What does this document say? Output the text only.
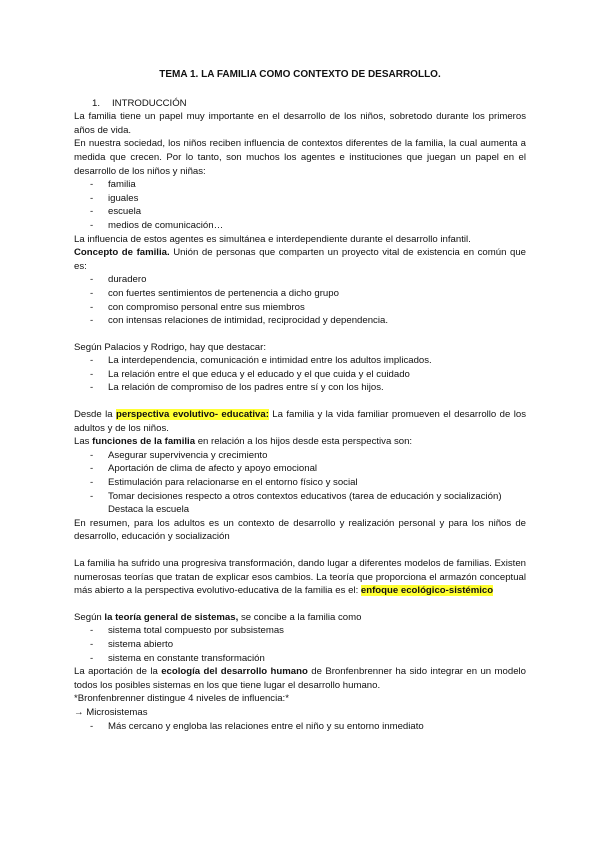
TEMA 1. LA FAMILIA COMO CONTEXTO DE DESARROLLO.
1. INTRODUCCIÓN

La familia tiene un papel muy importante en el desarrollo de los niños, sobretodo durante los primeros años de vida.

En nuestra sociedad, los niños reciben influencia de contextos diferentes de la familia, la cual aumenta a medida que crecen. Por lo tanto, son muchos los agentes e instituciones que juegan un papel en el desarrollo de los niños y niñas:

- familia
- iguales
- escuela
- medios de comunicación…

La influencia de estos agentes es simultánea e interdependiente durante el desarrollo infantil.

Concepto de familia. Unión de personas que comparten un proyecto vital de existencia en común que es:

- duradero
- con fuertes sentimientos de pertenencia a dicho grupo
- con compromiso personal entre sus miembros
- con intensas relaciones de intimidad, reciprocidad y dependencia.

Según Palacios y Rodrigo, hay que destacar:

- La interdependencia, comunicación e intimidad entre los adultos implicados.
- La relación entre el que educa y el educado y el que cuida y el cuidado
- La relación de compromiso de los padres entre sí y con los hijos.

Desde la perspectiva evolutivo- educativa: La familia y la vida familiar promueven el desarrollo de los adultos y de los niños.

Las funciones de la familia en relación a los hijos desde esta perspectiva son:

- Asegurar supervivencia y crecimiento
- Aportación de clima de afecto y apoyo emocional
- Estimulación para relacionarse en el entorno físico y social
- Tomar decisiones respecto a otros contextos educativos (tarea de educación y socialización) Destaca la escuela

En resumen, para los adultos es un contexto de desarrollo y realización personal y para los niños de desarrollo, educación y socialización

La familia ha sufrido una progresiva transformación, dando lugar a diferentes modelos de familias. Existen numerosas teorías que tratan de explicar esos cambios. La teoría que proporciona el armazón conceptual más abierto a la perspectiva evolutivo-educativa de la familia es el: enfoque ecológico-sistémico

Según la teoría general de sistemas, se concibe a la familia como

- sistema total compuesto por subsistemas
- sistema abierto
- sistema en constante transformación

La aportación de la ecología del desarrollo humano de Bronfenbrenner ha sido integrar en un modelo todos los posibles sistemas en los que tiene lugar el desarrollo humano.

*Bronfenbrenner distingue 4 niveles de influencia:*

→ Microsistemas

- Más cercano y engloba las relaciones entre el niño y su entorno inmediato
